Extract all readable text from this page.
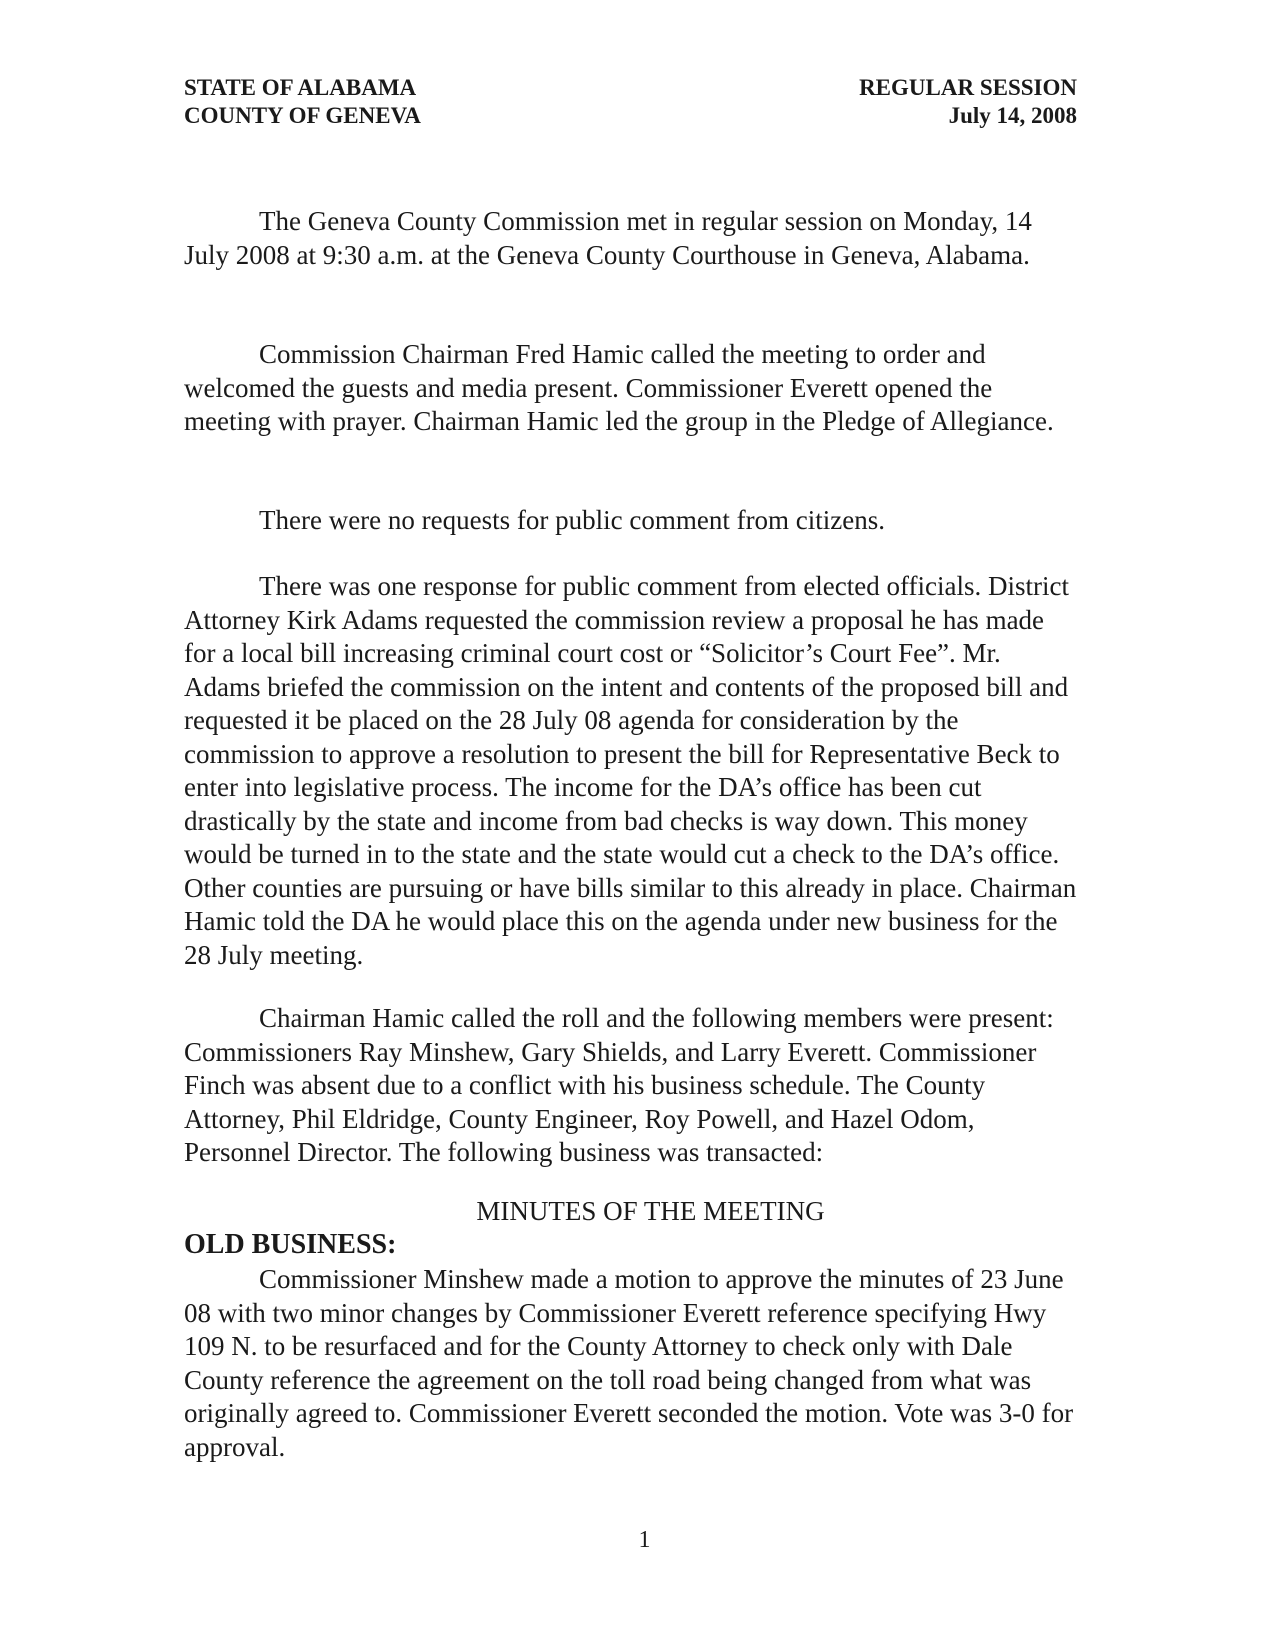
STATE OF ALABAMA
COUNTY OF GENEVA
REGULAR SESSION
July 14, 2008

The Geneva County Commission met in regular session on Monday, 14 July 2008 at 9:30 a.m. at the Geneva County Courthouse in Geneva, Alabama.

Commission Chairman Fred Hamic called the meeting to order and welcomed the guests and media present. Commissioner Everett opened the meeting with prayer. Chairman Hamic led the group in the Pledge of Allegiance.

There were no requests for public comment from citizens.

There was one response for public comment from elected officials. District Attorney Kirk Adams requested the commission review a proposal he has made for a local bill increasing criminal court cost or “Solicitor’s Court Fee”. Mr. Adams briefed the commission on the intent and contents of the proposed bill and requested it be placed on the 28 July 08 agenda for consideration by the commission to approve a resolution to present the bill for Representative Beck to enter into legislative process. The income for the DA’s office has been cut drastically by the state and income from bad checks is way down. This money would be turned in to the state and the state would cut a check to the DA’s office. Other counties are pursuing or have bills similar to this already in place. Chairman Hamic told the DA he would place this on the agenda under new business for the 28 July meeting.

Chairman Hamic called the roll and the following members were present: Commissioners Ray Minshew, Gary Shields, and Larry Everett. Commissioner Finch was absent due to a conflict with his business schedule. The County Attorney, Phil Eldridge, County Engineer, Roy Powell, and Hazel Odom, Personnel Director. The following business was transacted:

MINUTES OF THE MEETING
OLD BUSINESS:

Commissioner Minshew made a motion to approve the minutes of 23 June 08 with two minor changes by Commissioner Everett reference specifying Hwy 109 N. to be resurfaced and for the County Attorney to check only with Dale County reference the agreement on the toll road being changed from what was originally agreed to. Commissioner Everett seconded the motion. Vote was 3-0 for approval.

1
